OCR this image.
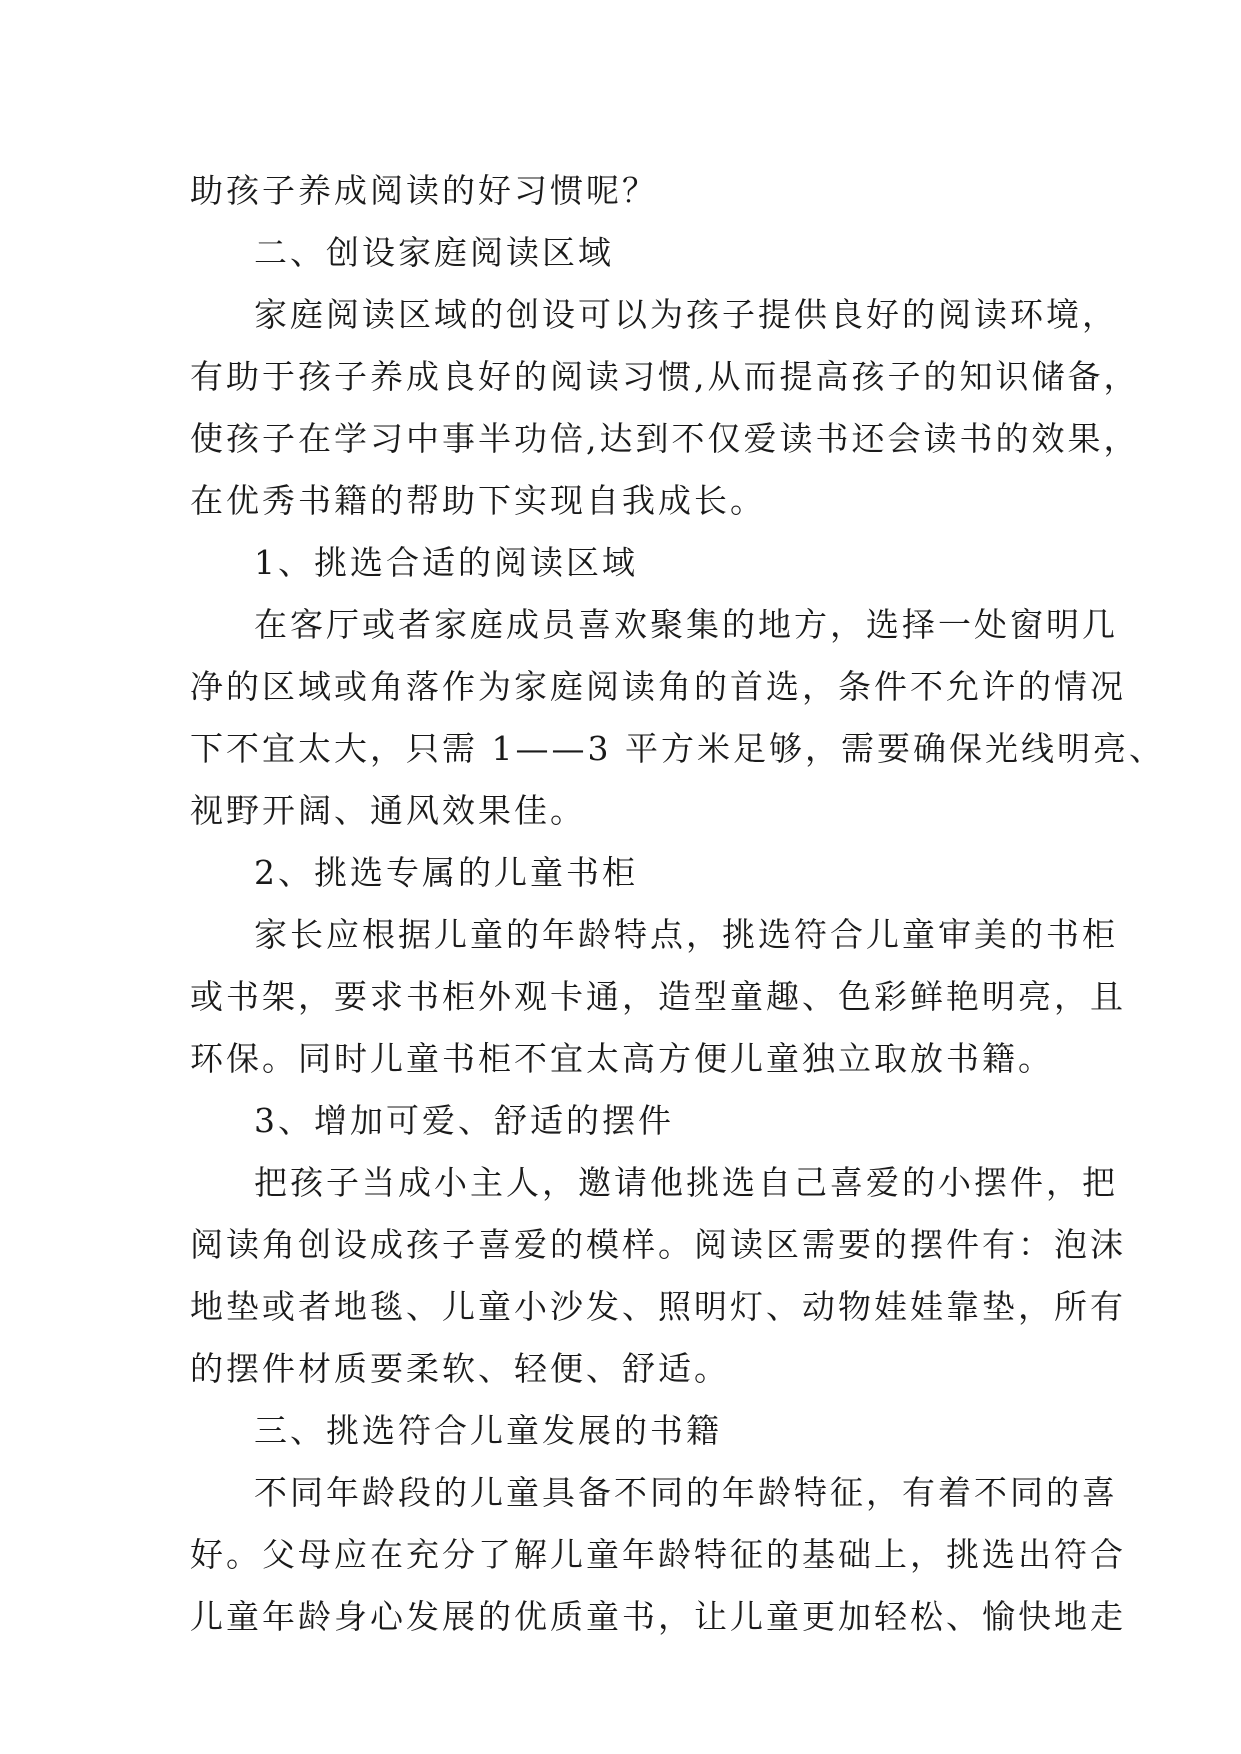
助孩子养成阅读的好习惯呢？
二、创设家庭阅读区域
家庭阅读区域的创设可以为孩子提供良好的阅读环境，
有助于孩子养成良好的阅读习惯,从而提高孩子的知识储备，
使孩子在学习中事半功倍,达到不仅爱读书还会读书的效果，
在优秀书籍的帮助下实现自我成长。
1、挑选合适的阅读区域
在客厅或者家庭成员喜欢聚集的地方，选择一处窗明几
净的区域或角落作为家庭阅读角的首选，条件不允许的情况
下不宜太大，只需 1——3 平方米足够，需要确保光线明亮、
视野开阔、通风效果佳。
2、挑选专属的儿童书柜
家长应根据儿童的年龄特点，挑选符合儿童审美的书柜
或书架，要求书柜外观卡通，造型童趣、色彩鲜艳明亮，且
环保。同时儿童书柜不宜太高方便儿童独立取放书籍。
3、增加可爱、舒适的摆件
把孩子当成小主人，邀请他挑选自己喜爱的小摆件，把
阅读角创设成孩子喜爱的模样。阅读区需要的摆件有：泡沫
地垫或者地毯、儿童小沙发、照明灯、动物娃娃靠垫，所有
的摆件材质要柔软、轻便、舒适。
三、挑选符合儿童发展的书籍
不同年龄段的儿童具备不同的年龄特征，有着不同的喜
好。父母应在充分了解儿童年龄特征的基础上，挑选出符合
儿童年龄身心发展的优质童书，让儿童更加轻松、愉快地走
